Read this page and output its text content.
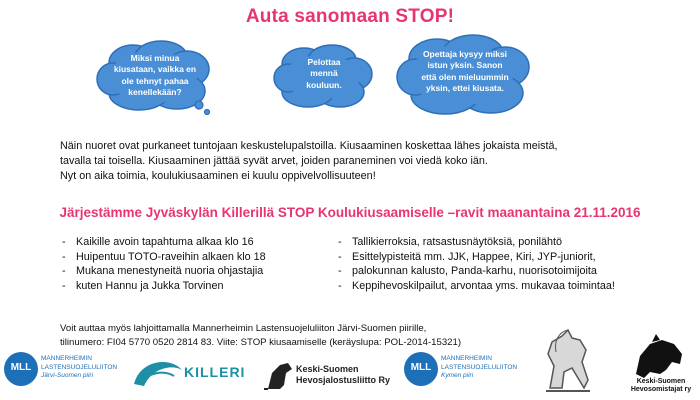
Auta sanomaan STOP!
Miksi minua
kiusataan, vaikka en
ole tehnyt pahaa
kenellekään?
Pelottaa
mennä
kouluun.
Opettaja kysyy miksi
istun yksin. Sanon
että olen mieluummin
yksin, ettei kiusata.
Näin nuoret ovat purkaneet tuntojaan keskustelupalstoilla. Kiusaaminen koskettaa lähes jokaista meistä,
tavalla tai toisella. Kiusaaminen jättää syvät arvet, joiden paraneminen voi viedä koko iän.
Nyt on aika toimia, koulukiusaaminen ei kuulu oppivelvollisuuteen!
Järjestämme Jyväskylän Killerillä STOP Koulukiusaamiselle –ravit maanantaina 21.11.2016
- Kaikille avoin tapahtuma alkaa klo 16
- Huipentuu TOTO-raveihin alkaen klo 18
- Mukana menestyneitä nuoria ohjastajia
- kuten Hannu ja Jukka Torvinen
- Tallikierroksia, ratsastusnäytöksiä, ponilähtö
- Esittelypisteitä mm. JJK, Happee, Kiri, JYP-juniorit,
- palokunnan kalusto, Panda-karhu, nuorisotoimijoita
- Keppihevoskilpailut, arvontaa yms. mukavaa toimintaa!
Voit auttaa myös lahjoittamalla Mannerheimin Lastensuojeluliiton Järvi-Suomen piirille,
tilinumero: FI04 5770 0520 2814 83. Viite: STOP kiusaamiselle (keräyslupa: POL-2014-15321)
MLL
MANNERHEIMIN
LASTENSUOJELULIITON
Järvi-Suomen piiri	KILLERI	Keski-Suomen
Hevosjalostusliitto Ry
MLL
MANNERHEIMIN
LASTENSUOJELULIITON
Kymen piiri
Keski-Suomen
Hevosomistajat ry
